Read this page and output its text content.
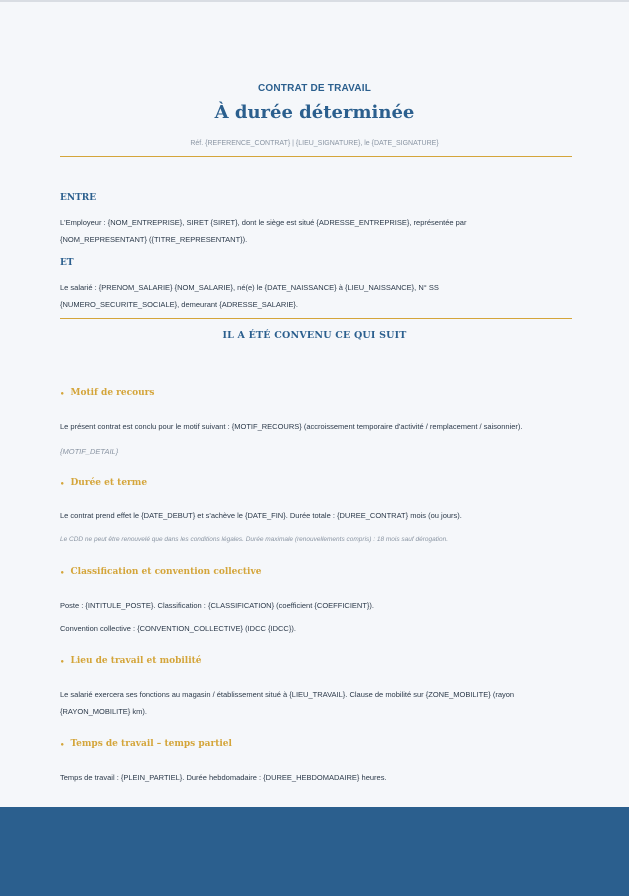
CONTRAT DE TRAVAIL
À durée déterminée
Réf. {REFERENCE_CONTRAT} | {LIEU_SIGNATURE}, le {DATE_SIGNATURE}
ENTRE
L'Employeur : {NOM_ENTREPRISE}, SIRET {SIRET}, dont le siège est situé {ADRESSE_ENTREPRISE}, représentée par
{NOM_REPRESENTANT} ({TITRE_REPRESENTANT}).
ET
Le salarié : {PRENOM_SALARIE} {NOM_SALARIE}, né(e) le {DATE_NAISSANCE} à {LIEU_NAISSANCE}, N° SS
{NUMERO_SECURITE_SOCIALE}, demeurant {ADRESSE_SALARIE}.
IL A ÉTÉ CONVENU CE QUI SUIT
• Motif de recours
Le présent contrat est conclu pour le motif suivant : {MOTIF_RECOURS} (accroissement temporaire d'activité / remplacement / saisonnier).
{MOTIF_DETAIL}
• Durée et terme
Le contrat prend effet le {DATE_DEBUT} et s'achève le {DATE_FIN}. Durée totale : {DUREE_CONTRAT} mois (ou jours).
Le CDD ne peut être renouvelé que dans les conditions légales. Durée maximale (renouvellements compris) : 18 mois sauf dérogation.
• Classification et convention collective
Poste : {INTITULE_POSTE}. Classification : {CLASSIFICATION} (coefficient {COEFFICIENT}).
Convention collective : {CONVENTION_COLLECTIVE} (IDCC {IDCC}).
• Lieu de travail et mobilité
Le salarié exercera ses fonctions au magasin / établissement situé à {LIEU_TRAVAIL}. Clause de mobilité sur {ZONE_MOBILITE} (rayon
{RAYON_MOBILITE} km).
• Temps de travail – temps partiel
Temps de travail : {PLEIN_PARTIEL}. Durée hebdomadaire : {DUREE_HEBDOMADAIRE} heures.
